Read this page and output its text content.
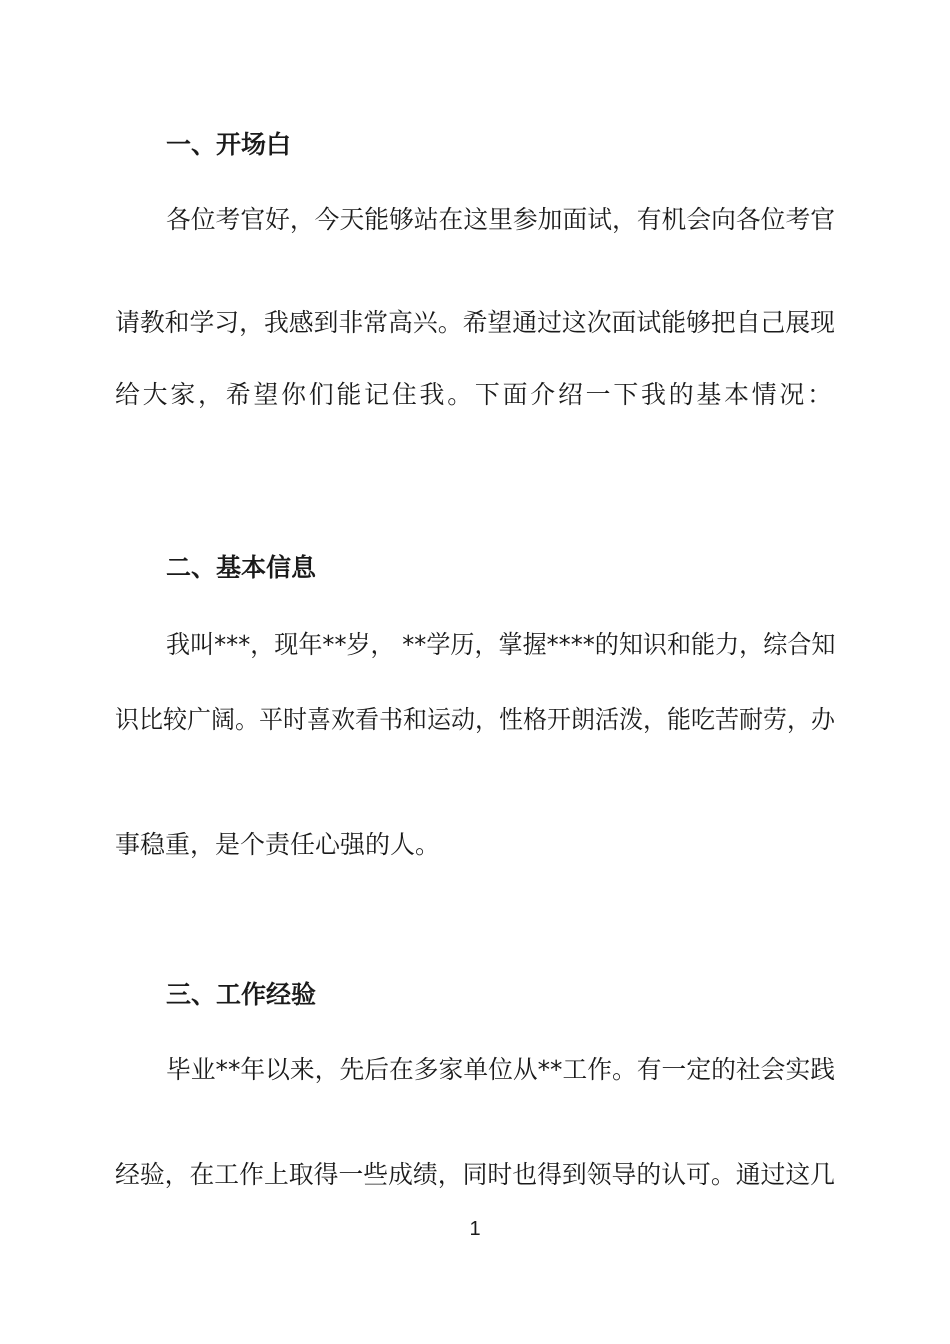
一、开场白
各位考官好，今天能够站在这里参加面试，有机会向各位考官
请教和学习，我感到非常高兴。希望通过这次面试能够把自己展现
给大家，希望你们能记住我。下面介绍一下我的基本情况：
二、基本信息
我叫***，现年**岁， **学历，掌握****的知识和能力，综合知
识比较广阔。平时喜欢看书和运动，性格开朗活泼，能吃苦耐劳，办
事稳重，是个责任心强的人。
三、工作经验
毕业**年以来，先后在多家单位从**工作。有一定的社会实践
经验，在工作上取得一些成绩，同时也得到领导的认可。通过这几
1
